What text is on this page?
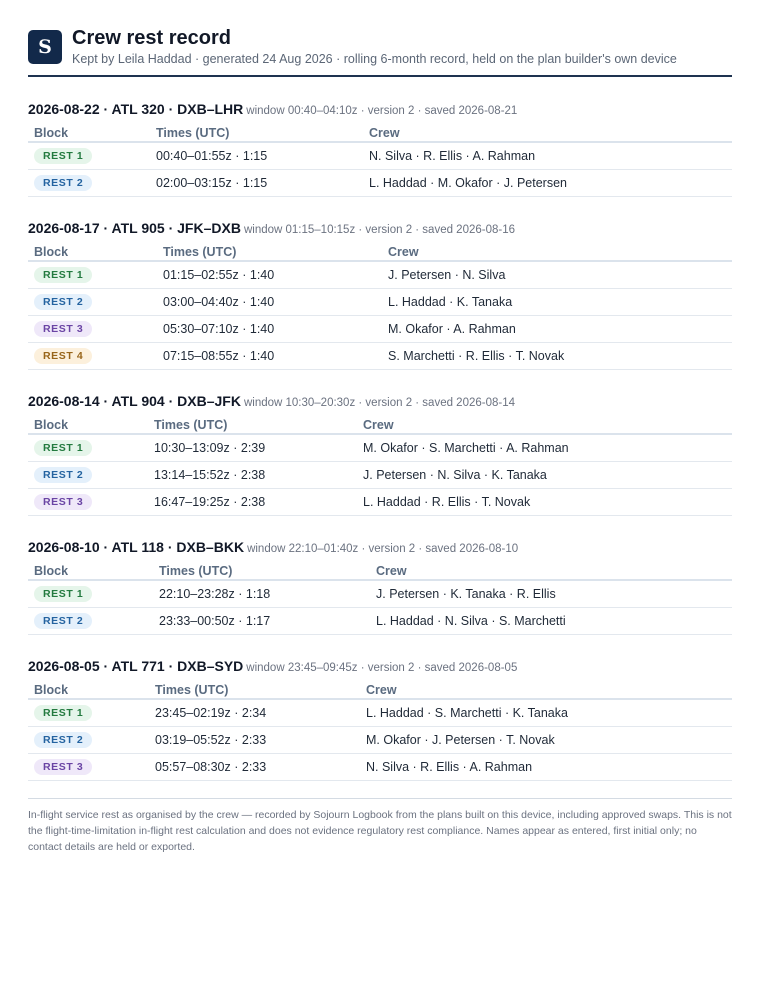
S	Crew rest record
Kept by Leila Haddad · generated 24 Aug 2026 · rolling 6-month record, held on the plan builder's own device
2026-08-22 · ATL 320 · DXB–LHR window 00:40–04:10z · version 2 · saved 2026-08-21
Block	Times (UTC)	Crew
REST 1	00:40–01:55z · 1:15	N. Silva · R. Ellis · A. Rahman
REST 2	02:00–03:15z · 1:15	L. Haddad · M. Okafor · J. Petersen
2026-08-17 · ATL 905 · JFK–DXB window 01:15–10:15z · version 2 · saved 2026-08-16
Block	Times (UTC)	Crew
REST 1	01:15–02:55z · 1:40	J. Petersen · N. Silva
REST 2	03:00–04:40z · 1:40	L. Haddad · K. Tanaka
REST 3	05:30–07:10z · 1:40	M. Okafor · A. Rahman
REST 4	07:15–08:55z · 1:40	S. Marchetti · R. Ellis · T. Novak
2026-08-14 · ATL 904 · DXB–JFK window 10:30–20:30z · version 2 · saved 2026-08-14
Block	Times (UTC)	Crew
REST 1	10:30–13:09z · 2:39	M. Okafor · S. Marchetti · A. Rahman
REST 2	13:14–15:52z · 2:38	J. Petersen · N. Silva · K. Tanaka
REST 3	16:47–19:25z · 2:38	L. Haddad · R. Ellis · T. Novak
2026-08-10 · ATL 118 · DXB–BKK window 22:10–01:40z · version 2 · saved 2026-08-10
Block	Times (UTC)	Crew
REST 1	22:10–23:28z · 1:18	J. Petersen · K. Tanaka · R. Ellis
REST 2	23:33–00:50z · 1:17	L. Haddad · N. Silva · S. Marchetti
2026-08-05 · ATL 771 · DXB–SYD window 23:45–09:45z · version 2 · saved 2026-08-05
Block	Times (UTC)	Crew
REST 1	23:45–02:19z · 2:34	L. Haddad · S. Marchetti · K. Tanaka
REST 2	03:19–05:52z · 2:33	M. Okafor · J. Petersen · T. Novak
REST 3	05:57–08:30z · 2:33	N. Silva · R. Ellis · A. Rahman
In-flight service rest as organised by the crew — recorded by Sojourn Logbook from the plans built on this device, including approved swaps. This is not the flight-time-limitation in-flight rest calculation and does not evidence regulatory rest compliance. Names appear as entered, first initial only; no contact details are held or exported.
